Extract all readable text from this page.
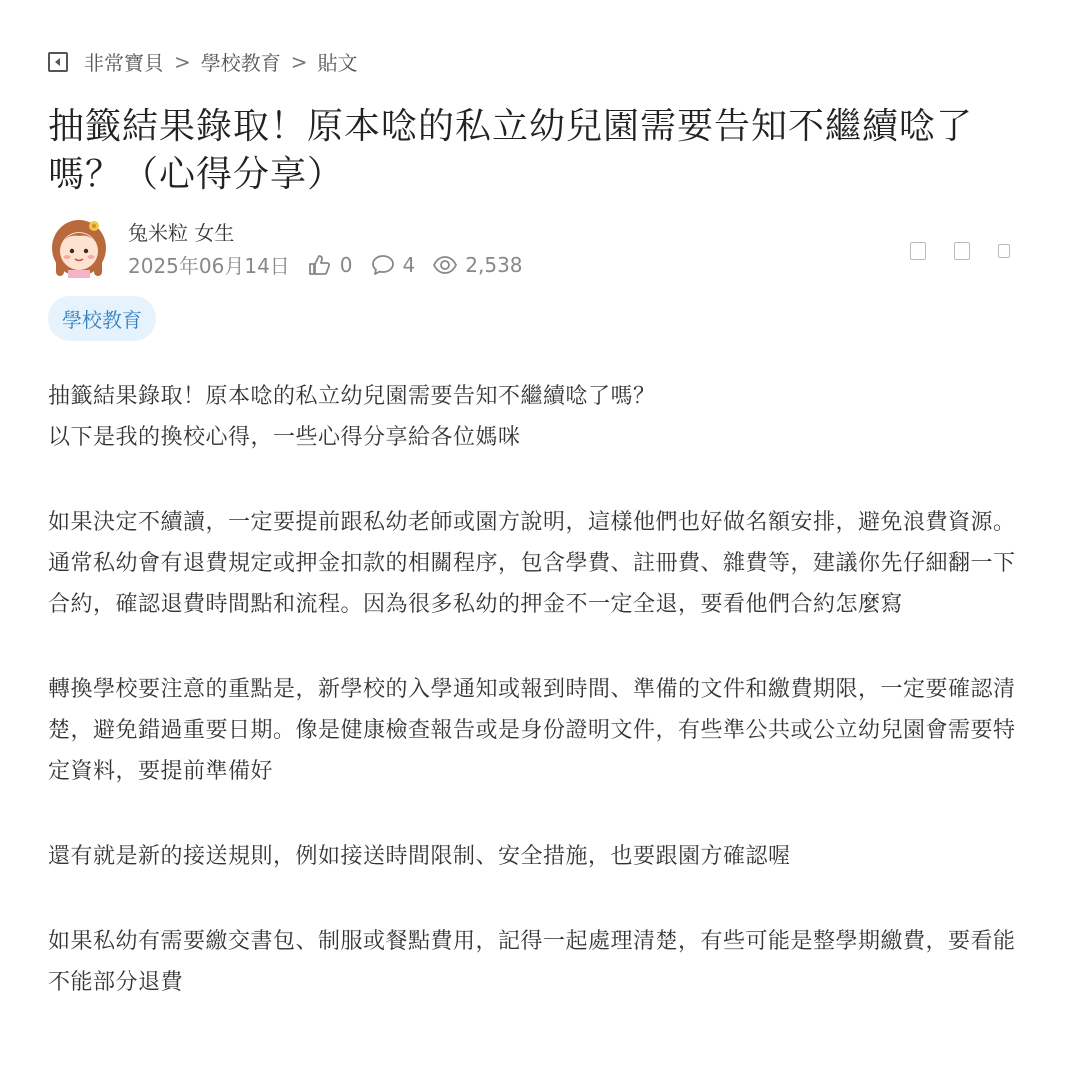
非常寶貝 > 學校教育 > 貼文
抽籤結果錄取！原本唸的私立幼兒園需要告知不繼續唸了嗎？（心得分享）
兔米粒 女生
2025年06月14日	0	4	2,538
學校教育

抽籤結果錄取！原本唸的私立幼兒園需要告知不繼續唸了嗎？
以下是我的換校心得，一些心得分享給各位媽咪

如果決定不續讀，一定要提前跟私幼老師或園方說明，這樣他們也好做名額安排，避免浪費資源。通常私幼會有退費規定或押金扣款的相關程序，包含學費、註冊費、雜費等，建議你先仔細翻一下合約，確認退費時間點和流程。因為很多私幼的押金不一定全退，要看他們合約怎麼寫

轉換學校要注意的重點是，新學校的入學通知或報到時間、準備的文件和繳費期限，一定要確認清楚，避免錯過重要日期。像是健康檢查報告或是身份證明文件，有些準公共或公立幼兒園會需要特定資料，要提前準備好

還有就是新的接送規則，例如接送時間限制、安全措施，也要跟園方確認喔

如果私幼有需要繳交書包、制服或餐點費用，記得一起處理清楚，有些可能是整學期繳費，要看能不能部分退費
